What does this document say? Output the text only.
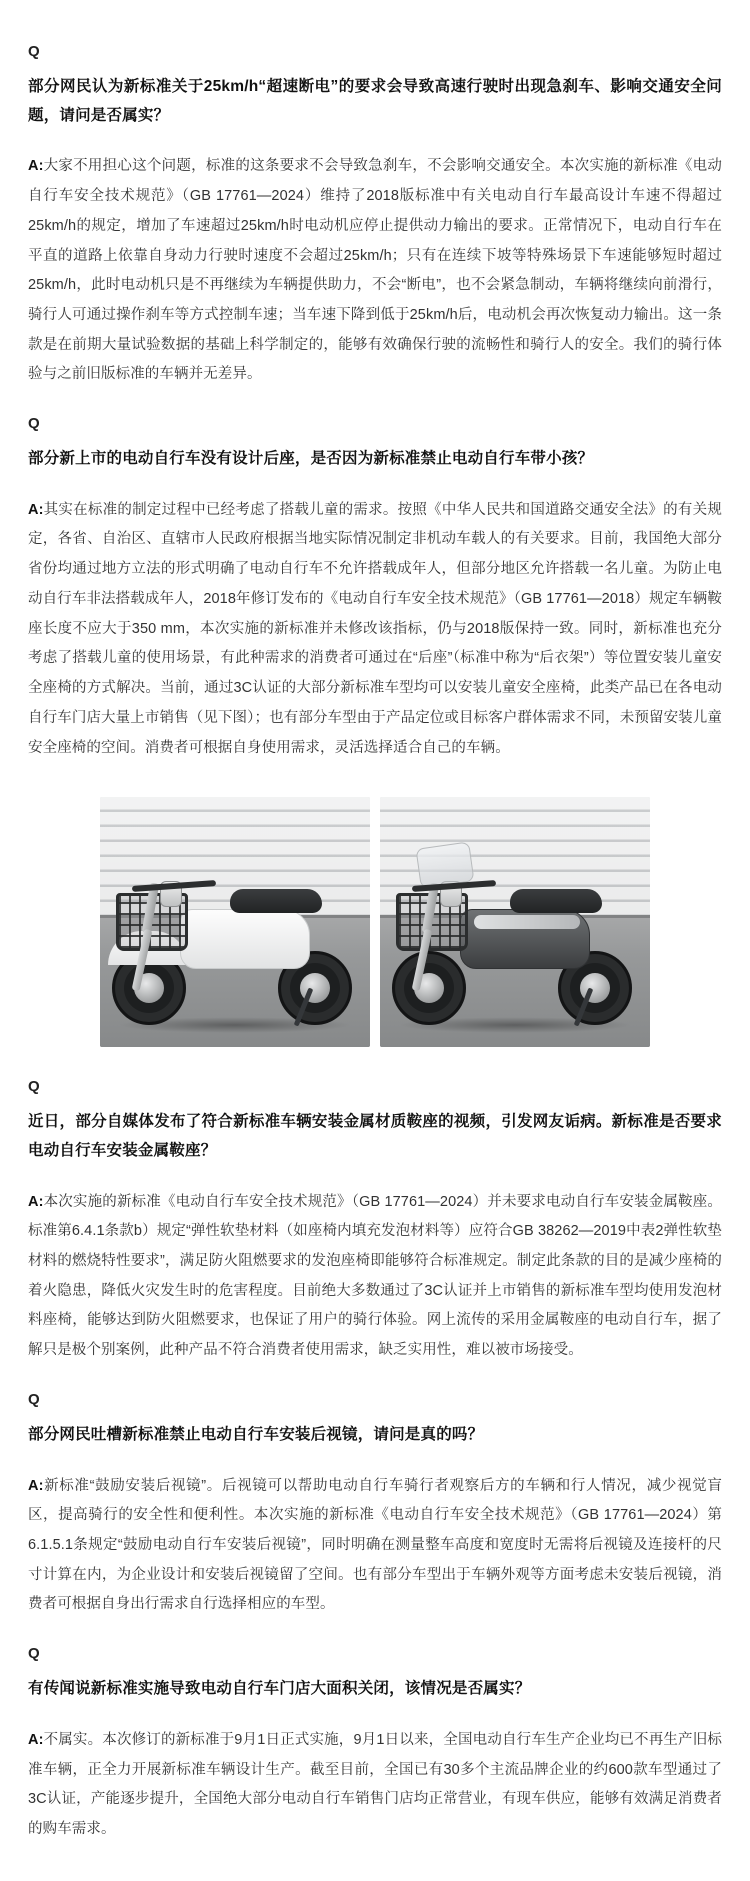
Q

部分网民认为新标准关于25km/h“超速断电”的要求会导致高速行驶时出现急刹车、影响交通安全问题，请问是否属实？

A:大家不用担心这个问题，标准的这条要求不会导致急刹车，不会影响交通安全。本次实施的新标准《电动自行车安全技术规范》（GB 17761—2024）维持了2018版标准中有关电动自行车最高设计车速不得超过25km/h的规定，增加了车速超过25km/h时电动机应停止提供动力输出的要求。正常情况下，电动自行车在平直的道路上依靠自身动力行驶时速度不会超过25km/h；只有在连续下坡等特殊场景下车速能够短时超过25km/h，此时电动机只是不再继续为车辆提供助力，不会“断电”，也不会紧急制动，车辆将继续向前滑行，骑行人可通过操作刹车等方式控制车速；当车速下降到低于25km/h后，电动机会再次恢复动力输出。这一条款是在前期大量试验数据的基础上科学制定的，能够有效确保行驶的流畅性和骑行人的安全。我们的骑行体验与之前旧版标准的车辆并无差异。

Q

部分新上市的电动自行车没有设计后座，是否因为新标准禁止电动自行车带小孩？

A:其实在标准的制定过程中已经考虑了搭载儿童的需求。按照《中华人民共和国道路交通安全法》的有关规定，各省、自治区、直辖市人民政府根据当地实际情况制定非机动车载人的有关要求。目前，我国绝大部分省份均通过地方立法的形式明确了电动自行车不允许搭载成年人，但部分地区允许搭载一名儿童。为防止电动自行车非法搭载成年人，2018年修订发布的《电动自行车安全技术规范》（GB 17761—2018）规定车辆鞍座长度不应大于350 mm，本次实施的新标准并未修改该指标，仍与2018版保持一致。同时，新标准也充分考虑了搭载儿童的使用场景，有此种需求的消费者可通过在“后座”（标准中称为“后衣架”）等位置安装儿童安全座椅的方式解决。当前，通过3C认证的大部分新标准车型均可以安装儿童安全座椅，此类产品已在各电动自行车门店大量上市销售（见下图）；也有部分车型由于产品定位或目标客户群体需求不同，未预留安装儿童安全座椅的空间。消费者可根据自身使用需求，灵活选择适合自己的车辆。

Q

近日，部分自媒体发布了符合新标准车辆安装金属材质鞍座的视频，引发网友诟病。新标准是否要求电动自行车安装金属鞍座？

A:本次实施的新标准《电动自行车安全技术规范》（GB 17761—2024）并未要求电动自行车安装金属鞍座。标准第6.4.1条款b）规定“弹性软垫材料（如座椅内填充发泡材料等）应符合GB 38262—2019中表2弹性软垫材料的燃烧特性要求”，满足防火阻燃要求的发泡座椅即能够符合标准规定。制定此条款的目的是减少座椅的着火隐患，降低火灾发生时的危害程度。目前绝大多数通过了3C认证并上市销售的新标准车型均使用发泡材料座椅，能够达到防火阻燃要求，也保证了用户的骑行体验。网上流传的采用金属鞍座的电动自行车，据了解只是极个别案例，此种产品不符合消费者使用需求，缺乏实用性，难以被市场接受。

Q

部分网民吐槽新标准禁止电动自行车安装后视镜，请问是真的吗？

A:新标准“鼓励安装后视镜”。后视镜可以帮助电动自行车骑行者观察后方的车辆和行人情况，减少视觉盲区，提高骑行的安全性和便利性。本次实施的新标准《电动自行车安全技术规范》（GB 17761—2024）第6.1.5.1条规定“鼓励电动自行车安装后视镜”，同时明确在测量整车高度和宽度时无需将后视镜及连接杆的尺寸计算在内，为企业设计和安装后视镜留了空间。也有部分车型出于车辆外观等方面考虑未安装后视镜，消费者可根据自身出行需求自行选择相应的车型。

Q

有传闻说新标准实施导致电动自行车门店大面积关闭，该情况是否属实？

A:不属实。本次修订的新标准于9月1日正式实施，9月1日以来，全国电动自行车生产企业均已不再生产旧标准车辆，正全力开展新标准车辆设计生产。截至目前，全国已有30多个主流品牌企业的约600款车型通过了3C认证，产能逐步提升，全国绝大部分电动自行车销售门店均正常营业，有现车供应，能够有效满足消费者的购车需求。
